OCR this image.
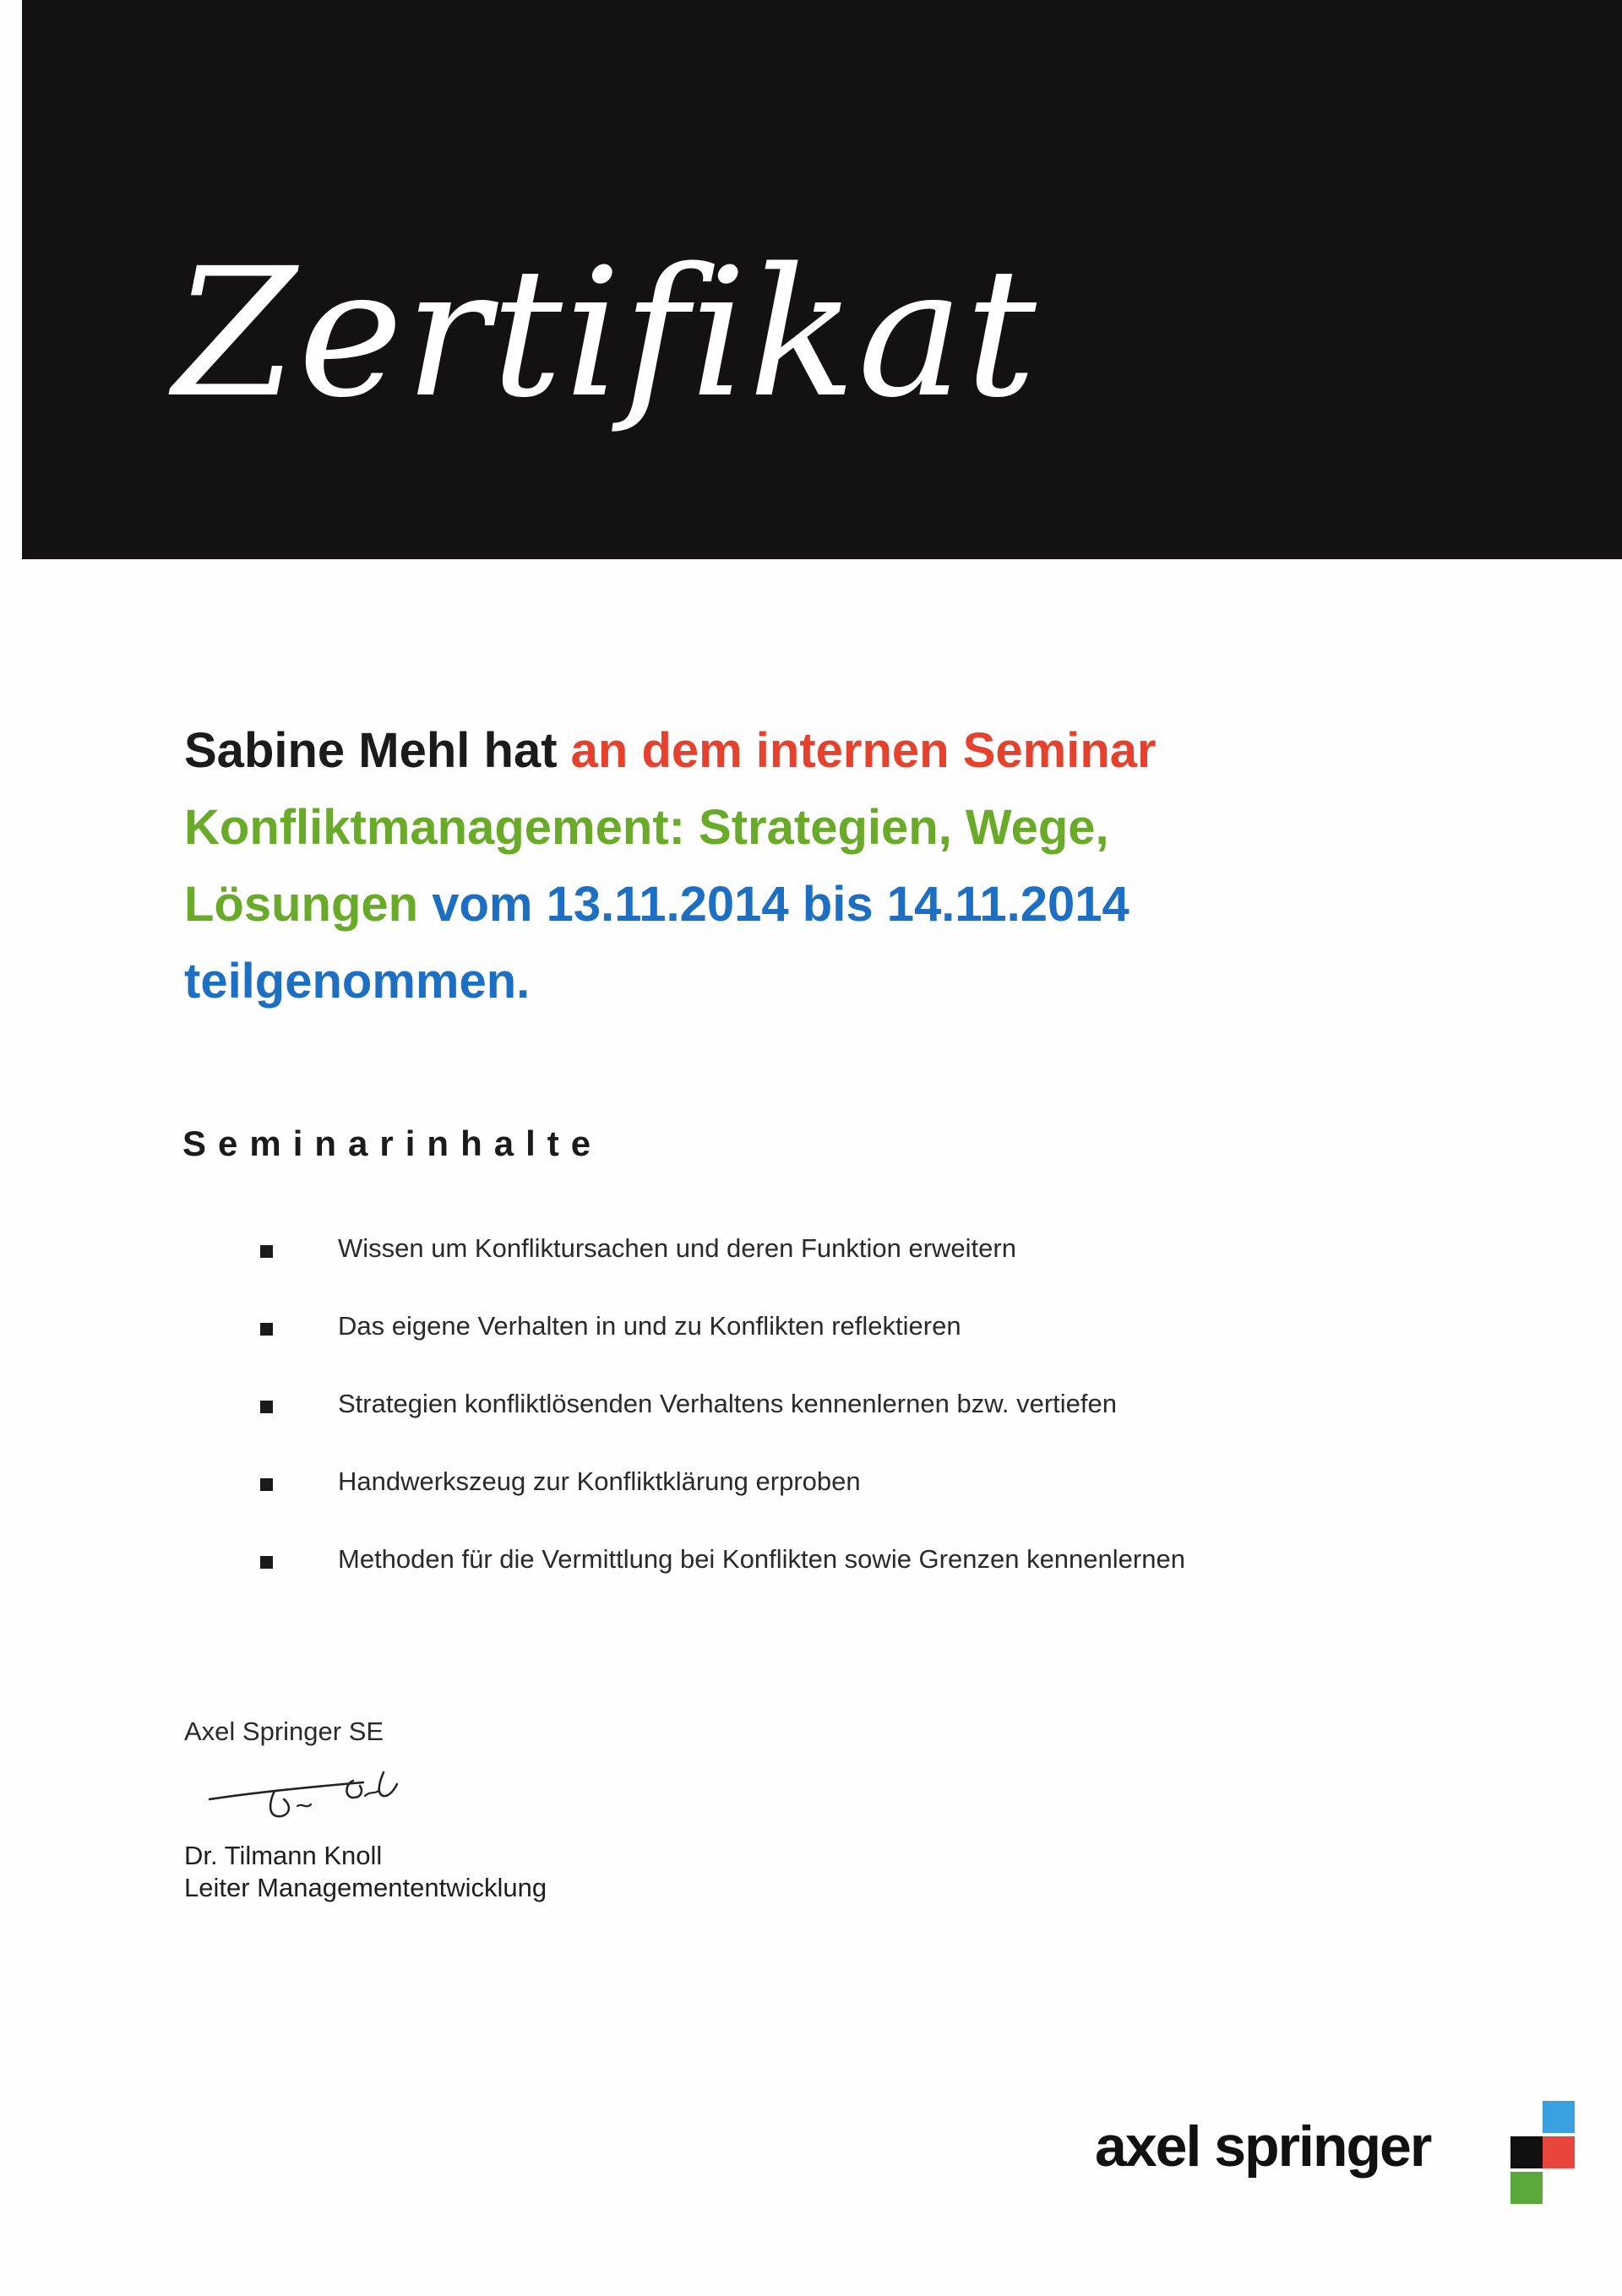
Zertifikat
Sabine Mehl hat an dem internen Seminar
Konfliktmanagement: Strategien, Wege,
Lösungen vom 13.11.2014 bis 14.11.2014
teilgenommen.
Seminarinhalte
Wissen um Konfliktursachen und deren Funktion erweitern
Das eigene Verhalten in und zu Konflikten reflektieren
Strategien konfliktlösenden Verhaltens kennenlernen bzw. vertiefen
Handwerkszeug zur Konfliktklärung erproben
Methoden für die Vermittlung bei Konflikten sowie Grenzen kennenlernen
Axel Springer SE
Dr. Tilmann Knoll
Leiter Managemententwicklung
axel springer
